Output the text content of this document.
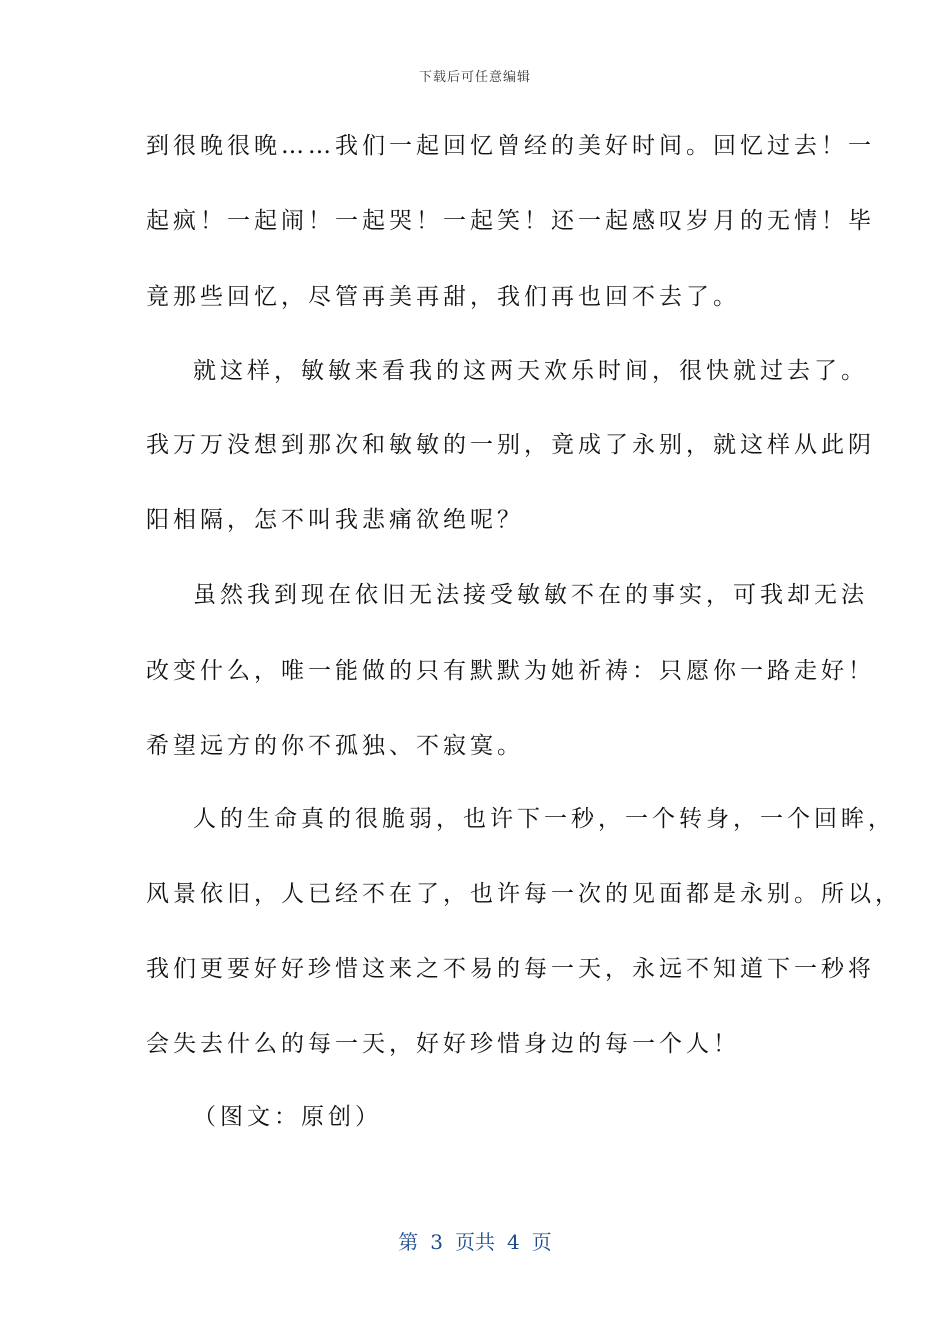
下载后可任意编辑
到很晚很晚……我们一起回忆曾经的美好时间。回忆过去！一
起疯！一起闹！一起哭！一起笑！还一起感叹岁月的无情！毕
竟那些回忆，尽管再美再甜，我们再也回不去了。
就这样，敏敏来看我的这两天欢乐时间，很快就过去了。
我万万没想到那次和敏敏的一别，竟成了永别，就这样从此阴
阳相隔，怎不叫我悲痛欲绝呢？
虽然我到现在依旧无法接受敏敏不在的事实，可我却无法
改变什么，唯一能做的只有默默为她祈祷：只愿你一路走好！
希望远方的你不孤独、不寂寞。
人的生命真的很脆弱，也许下一秒，一个转身，一个回眸，
风景依旧，人已经不在了，也许每一次的见面都是永别。所以，
我们更要好好珍惜这来之不易的每一天，永远不知道下一秒将
会失去什么的每一天，好好珍惜身边的每一个人！
（图文：原创）
第 3 页共 4 页
